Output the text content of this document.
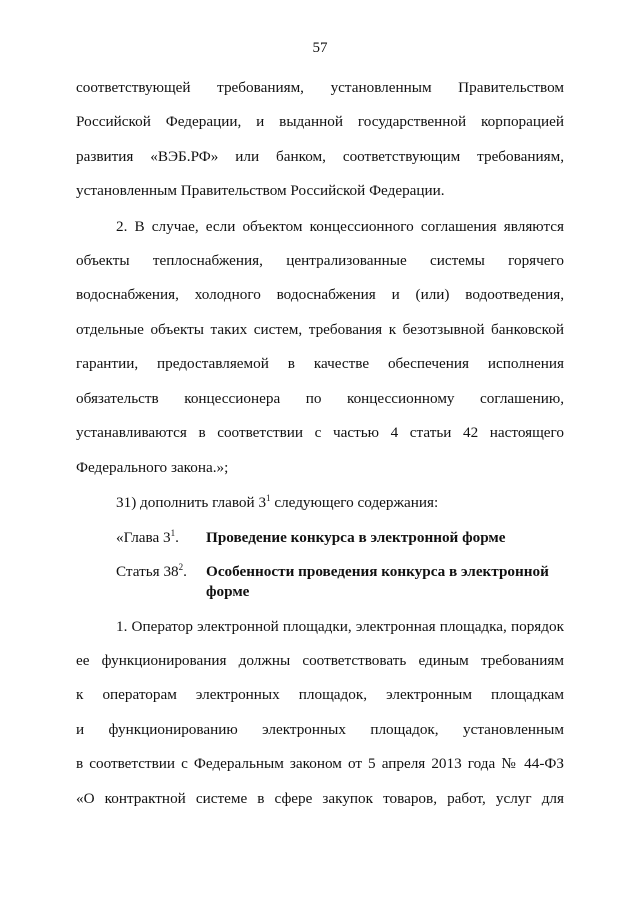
57
соответствующей требованиям, установленным Правительством
Российской Федерации, и выданной государственной корпорацией
развития «ВЭБ.РФ» или банком, соответствующим требованиям,
установленным Правительством Российской Федерации.
2. В случае, если объектом концессионного соглашения являются
объекты теплоснабжения, централизованные системы горячего
водоснабжения, холодного водоснабжения и (или) водоотведения,
отдельные объекты таких систем, требования к безотзывной банковской
гарантии, предоставляемой в качестве обеспечения исполнения
обязательств концессионера по концессионному соглашению,
устанавливаются в соответствии с частью 4 статьи 42 настоящего
Федерального закона.»;
31) дополнить главой $3^1$ следующего содержания:
«Глава $3^1$. Проведение конкурса в электронной форме
Статья $38^2$. Особенности проведения конкурса в электронной форме
1. Оператор электронной площадки, электронная площадка, порядок
ее функционирования должны соответствовать единым требованиям
к операторам электронных площадок, электронным площадкам
и функционированию электронных площадок, установленным
в соответствии с Федеральным законом от 5 апреля 2013 года № 44-ФЗ
«О контрактной системе в сфере закупок товаров, работ, услуг для
